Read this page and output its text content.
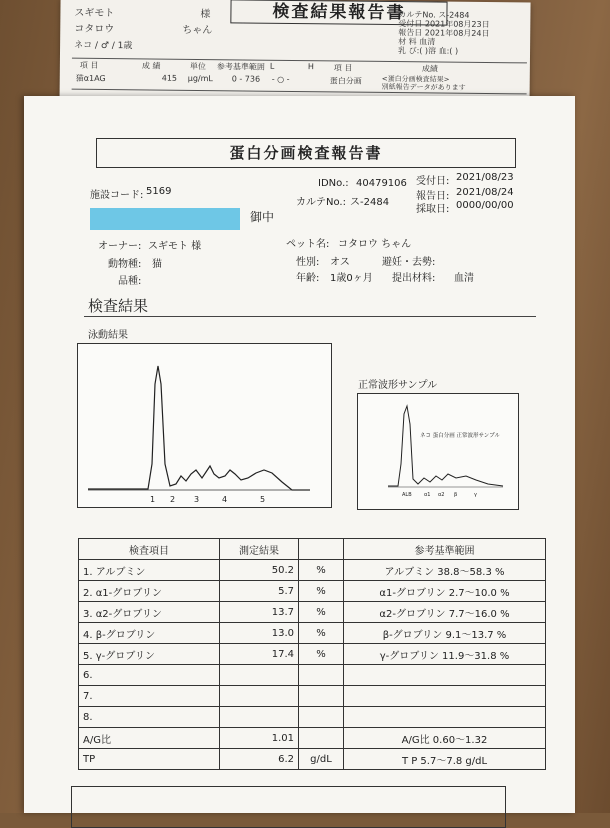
スギモト	様
コタロウ	ちゃん
ネコ / ♂ / 1歳
検査結果報告書
カルテNo. ス-2484
受付日 2021年08月23日
報告日 2021年08月24日
材 料 血清
乳 び:( )溶 血:( )
項 目	成 績	単位 参考基準範囲 L	H 項 目	成績
猫α1AG	415 μg/mL 0 - 736 - ○ -	蛋白分画	<蛋白分画検査結果>
別紙報告データがあります
蛋白分画検査報告書
IDNo.: 40479106
カルテNo.: ス-2484
受付日: 2021/08/23
報告日: 2021/08/24
採取日: 0000/00/00
施設コード: 5169
御中
オーナー: スギモト 様
動物種: 猫
品種:
ペット名: コタロウ ちゃん
性別: オス	避妊・去勢:
年齢: 1歳0ヶ月 提出材料: 血清
検査結果
泳動結果
正常波形サンプル
1 2 3	4	5
ネコ 蛋白分画 正常波形サンプル
ALB α1 α2 β	γ
検査項目	測定結果		参考基準範囲
1. アルブミン	50.2	%	アルブミン 38.8～58.3 %
2. α1-グロブリン	5.7	%	α1-グロブリン 2.7～10.0 %
3. α2-グロブリン	13.7	%	α2-グロブリン 7.7～16.0 %
4. β-グロブリン	13.0	%	β-グロブリン 9.1～13.7 %
5. γ-グロブリン	17.4	%	γ-グロブリン 11.9～31.8 %
6.			
7.			
8.			
A/G比	1.01		A/G比 0.60～1.32
TP	6.2	g/dL	T P 5.7～7.8 g/dL
